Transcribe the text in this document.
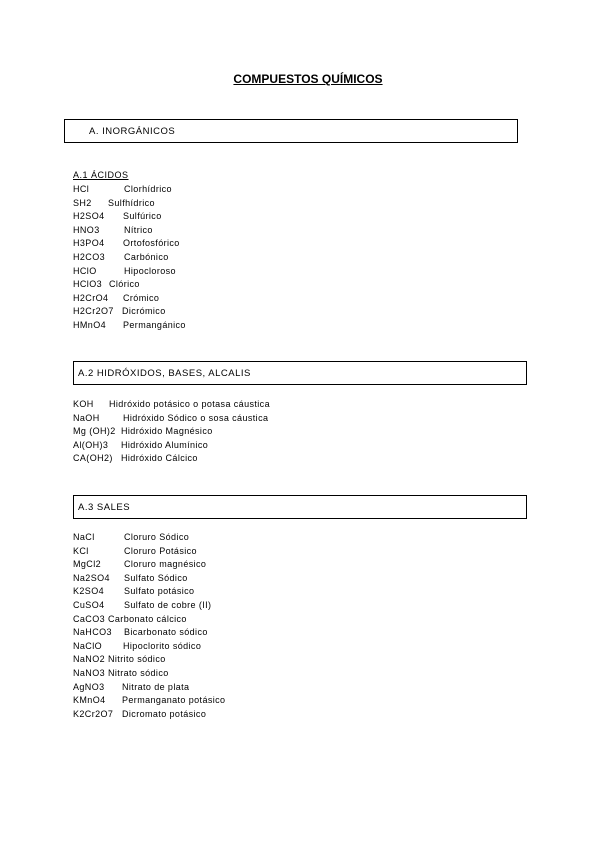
COMPUESTOS QUÍMICOS
A. INORGÁNICOS
A.1 ÁCIDOS
HCl	Clorhídrico
SH2 Sulfhídrico
H2SO4 Sulfúrico
HNO3	Nítrico
H3PO4 Ortofosfórico
H2CO3 Carbónico
HClO	Hipocloroso
HClO3 Clórico
H2CrO4 Crómico
H2Cr2O7 Dicrómico
HMnO4 Permangánico
A.2 HIDRÓXIDOS, BASES, ALCALIS
KOH Hidróxido potásico o potasa cáustica
NaOH	Hidróxido Sódico o sosa cáustica
Mg (OH)2 Hidróxido Magnésico
Al(OH)3 Hidróxido Alumínico
CA(OH2) Hidróxido Cálcico
A.3 SALES
NaCl	Cloruro Sódico
KCl	Cloruro Potásico
MgCl2	Cloruro magnésico
Na2SO4 Sulfato Sódico
K2SO4 Sulfato potásico
CuSO4 Sulfato de cobre (II)
CaCO3 Carbonato cálcico
NaHCO3 Bicarbonato sódico
NaClO Hipoclorito sódico
NaNO2 Nitrito sódico
NaNO3 Nitrato sódico
AgNO3 Nitrato de plata
KMnO4 Permanganato potásico
K2Cr2O7 Dicromato potásico
